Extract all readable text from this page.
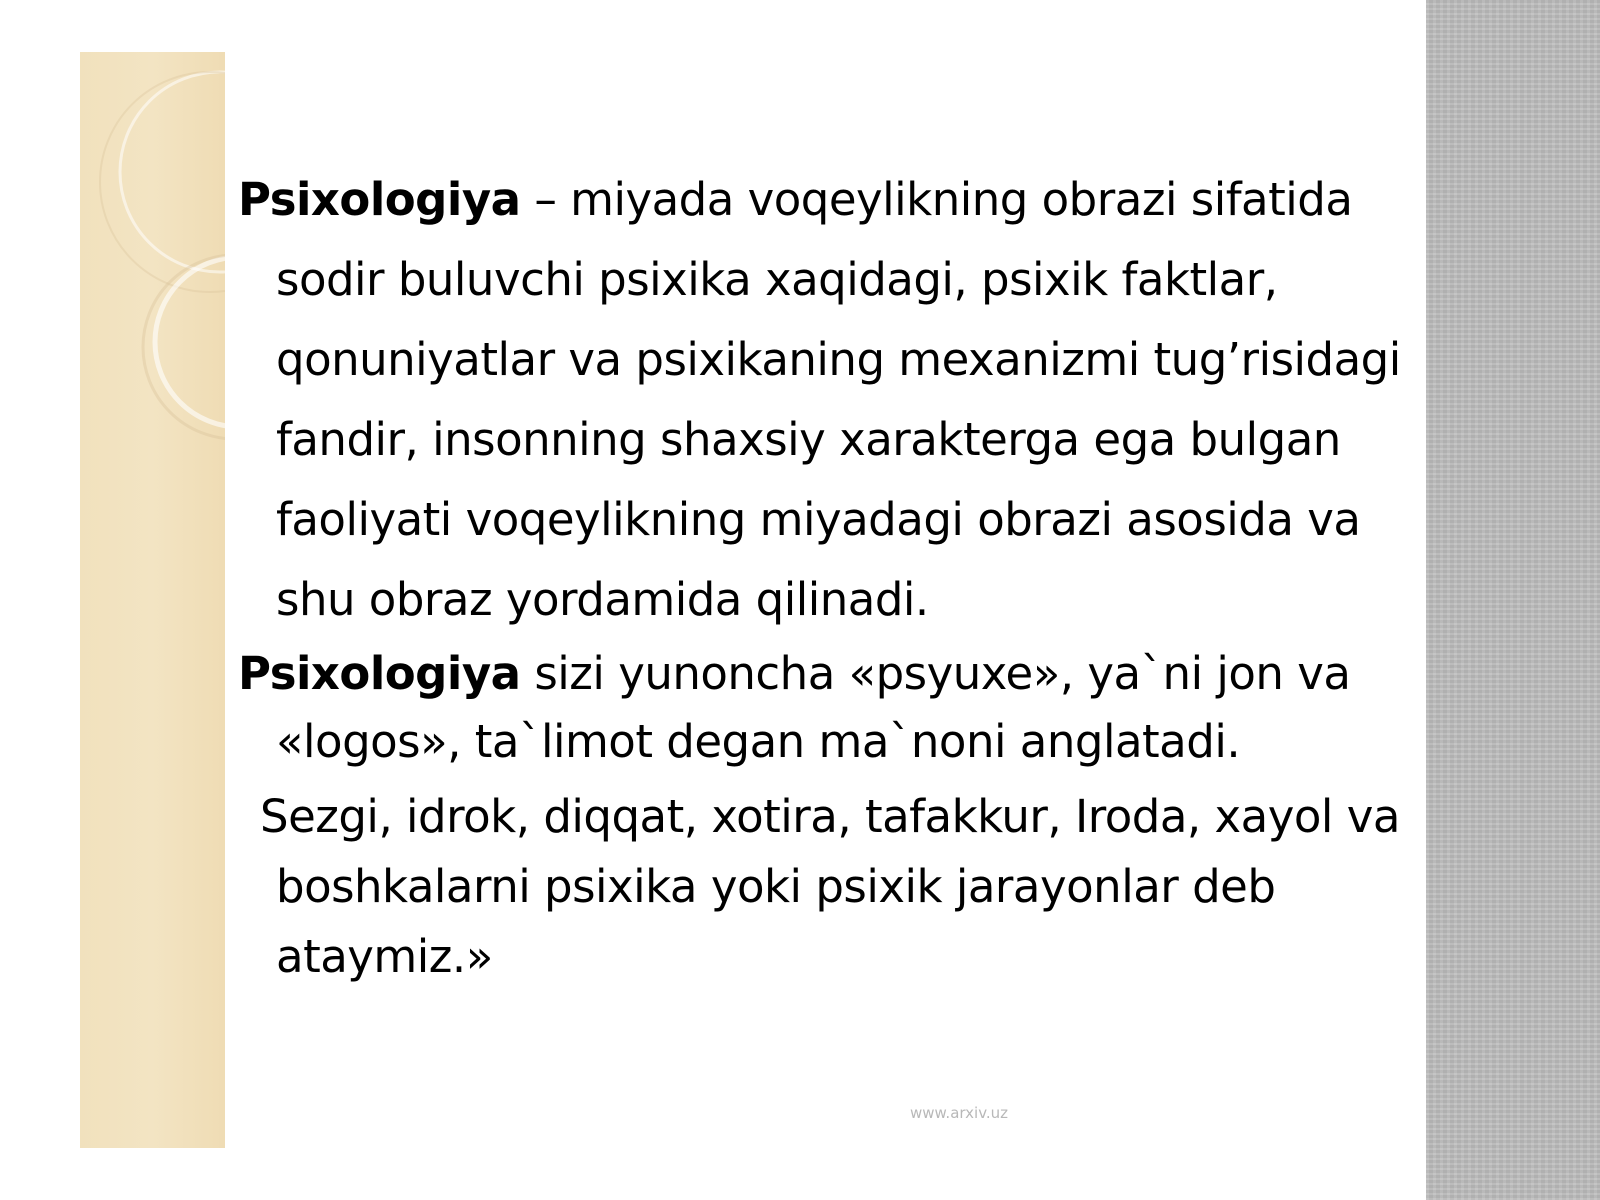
Psixologiya – miyada voqeylikning obrazi sifatida sodir buluvchi psixika xaqidagi, psixik faktlar, qonuniyatlar va psixikaning mexanizmi tug’risidagi fandir, insonning shaxsiy xarakterga ega bulgan faoliyati voqeylikning miyadagi obrazi asosida va shu obraz yordamida qilinadi.

Psixologiya sizi yunoncha «psyuxe», ya`ni jon va «logos», ta`limot degan ma`noni anglatadi.

Sezgi, idrok, diqqat, xotira, tafakkur, Iroda, xayol va boshkalarni psixika yoki psixik jarayonlar deb ataymiz.»

www.arxiv.uz
